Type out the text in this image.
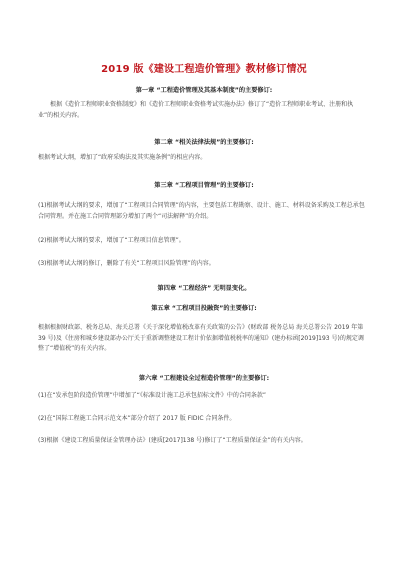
2019 版《建设工程造价管理》教材修订情况
第一章 “工程造价管理及其基本制度”的主要修订:

根据《造价工程师职业资格制度》和《造价工程师职业资格考试实施办法》修订了“造价工程师职业考试、注册和执业”的相关内容。

第二章 “相关法律法规”的主要修订:

根据考试大纲，增加了“政府采购法及其实施条例”的相应内容。

第三章 “工程项目管理”的主要修订:

(1)根据考试大纲的要求，增加了“工程项目合同管理”的内容，主要包括工程勘察、设计、施工、材料设备采购及工程总承包合同管理。并在施工合同管理部分增加了两个“司法解释”的介绍。

(2)根据考试大纲的要求，增加了“工程项目信息管理”。

(3)根据考试大纲的修订，删除了有关“工程项目风险管理”的内容。

第四章 “工程经济” 无明显变化。
第五章 “工程项目投融资”的主要修订:

根据根据财政部、税务总局、海关总署《关于深化增值税改革有关政策的公告》(财政部 税务总局 海关总署公告 2019 年第 39 号)及《住房和城乡建设部办公厅关于重新调整建设工程计价依据增值税税率的通知》(建办标函[2019]193 号)的规定调整了“增值税”的有关内容。

第六章 “工程建设全过程造价管理”的主要修订:

(1)在“发承包阶段造价管理”中增加了“《标准设计施工总承包招标文件》中的合同条款”

(2)在“国际工程施工合同示范文本”部分介绍了 2017 版 FIDIC 合同条件。

(3)根据《建设工程质量保证金管理办法》(建质[2017]138 号)修订了“工程质量保证金”的有关内容。
